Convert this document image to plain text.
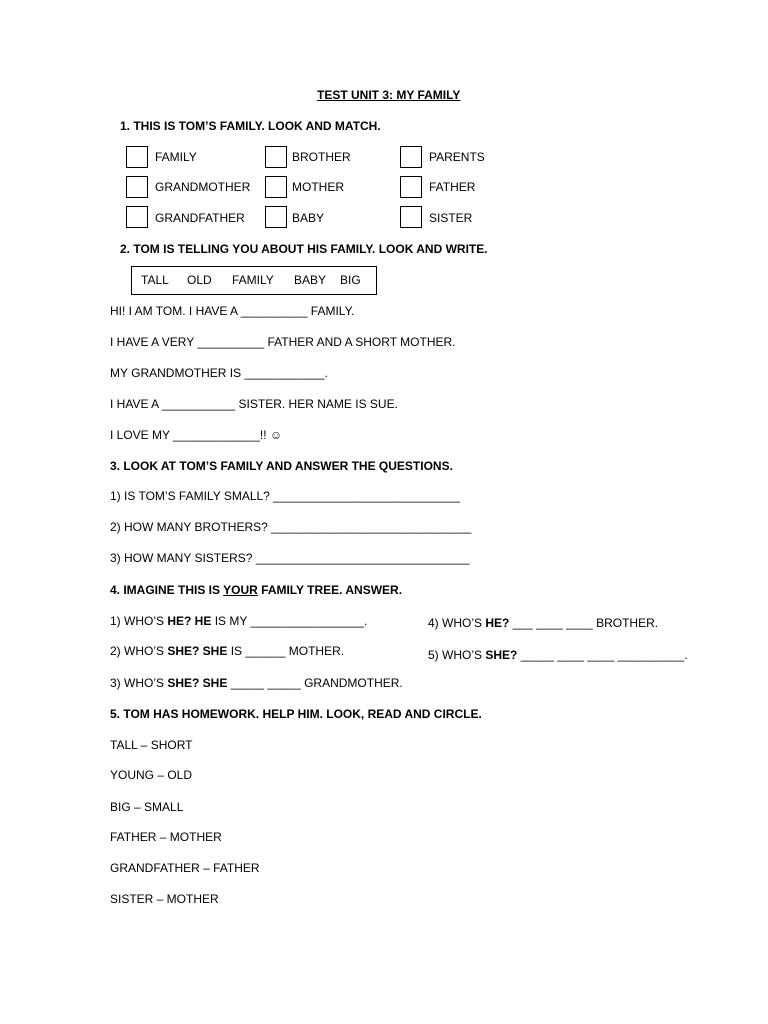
TEST UNIT 3: MY FAMILY
1. THIS IS TOM’S FAMILY. LOOK AND MATCH.
FAMILY	BROTHER	PARENTS
GRANDMOTHER	MOTHER	FATHER
GRANDFATHER	BABY	SISTER
2. TOM IS TELLING YOU ABOUT HIS FAMILY. LOOK AND WRITE.
TALL OLD FAMILY BABY BIG
HI! I AM TOM. I HAVE A __________ FAMILY.
I HAVE A VERY __________ FATHER AND A SHORT MOTHER.
MY GRANDMOTHER IS ____________.
I HAVE A ___________ SISTER. HER NAME IS SUE.
I LOVE MY _____________!! ☺
3. LOOK AT TOM’S FAMILY AND ANSWER THE QUESTIONS.
1) IS TOM’S FAMILY SMALL? ____________________________
2) HOW MANY BROTHERS? ______________________________
3) HOW MANY SISTERS? ________________________________
4. IMAGINE THIS IS YOUR FAMILY TREE. ANSWER.
1) WHO’S HE? HE IS MY _________________.
2) WHO’S SHE? SHE IS ______ MOTHER.
3) WHO’S SHE? SHE _____ _____ GRANDMOTHER.
4) WHO’S HE? ___ ____ ____ BROTHER.
5) WHO’S SHE? _____ ____ ____ __________.
5. TOM HAS HOMEWORK. HELP HIM. LOOK, READ AND CIRCLE.
TALL – SHORT
YOUNG – OLD
BIG – SMALL
FATHER – MOTHER
GRANDFATHER – FATHER
SISTER – MOTHER
